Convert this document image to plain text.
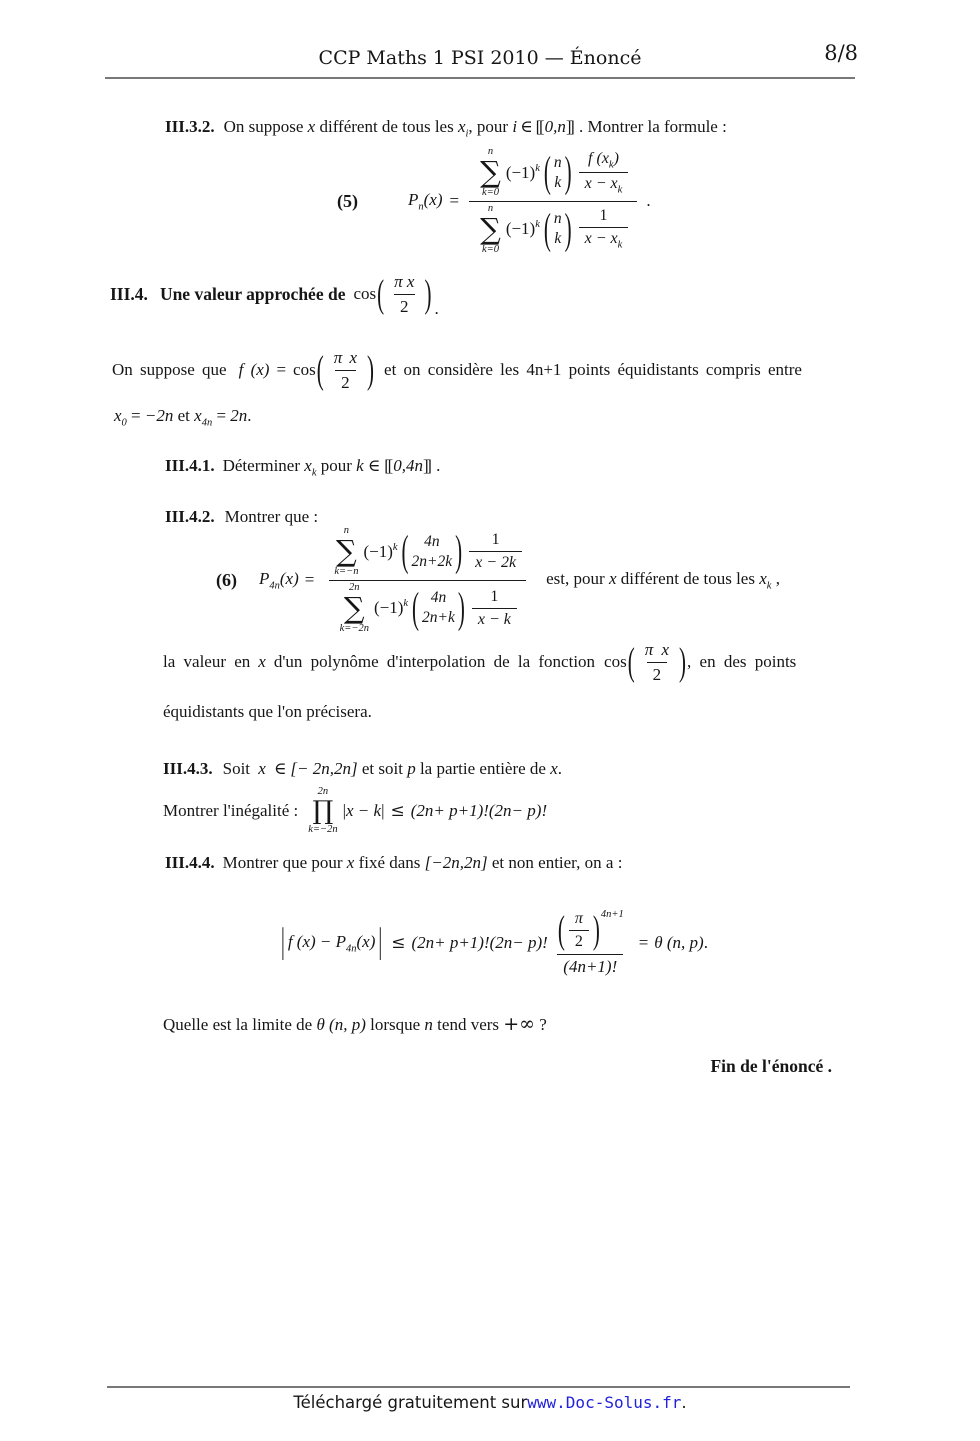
CCP Maths 1 PSI 2010 — Énoncé	8/8
III.3.2. On suppose x différent de tous les $x_i$, pour i ∈ [[ 0,n]] . Montrer la formule :
(5)	$P_n(x) = n$
∑
k=0
$(-1)^k$ ( n
k ) $\frac{f (x_k)}{x - x_k}$
n
∑
k=0
$(-1)^k$ ( n
k ) $\frac{1}{x - x_k}$ .
III.4. Une valeur approchée de cos ( $\frac{\text{π x}}{2}$ ) .
On suppose que f (x) = cos ( $\frac{\text{π x}}{2}$ ) et on considère les 4n+1 points équidistants compris entre
$x_0 = -2n$ et $x_{4n} = 2n$.
III.4.1. Déterminer $x_k$ pour k ∈ [[ 0,4n]] .
III.4.2. Montrer que :
(6) $P_{4n}(x) = n$
∑
k=−n
$(-1)^k$ ( 4n
2n+2k ) $\frac{1}{x - 2k}$
2n
∑
k=−2n
$(-1)^k$ ( 4n
2n+k ) $\frac{1}{x - k}$ est, pour x différent de tous les $x_k$ ,
la valeur en x d'un polynôme d'interpolation de la fonction cos ( $\frac{\text{π x}}{2}$ ) , en des points
équidistants que l'on précisera.
III.4.3. Soit x ∈ [− 2n,2n] et soit p la partie entière de x.
Montrer l'inégalité :
2n
∏
k=−2n
|x − k| ≤ (2n+ p+1)!(2n− p)!
III.4.4. Montrer que pour x fixé dans [−2n,2n] et non entier, on a :
| f $(x) - P_{4n}(x)$ | ≤ (2n+ p+1)!(2n− p)! $\frac{( \frac{\pi}{2} ) 4n+1}{(4n+1)!} = \theta$ (n, p) .
Quelle est la limite de θ (n, p) lorsque n tend vers +∞ ?
Fin de l'énoncé .
Téléchargé gratuitement sur www.Doc-Solus.fr .
